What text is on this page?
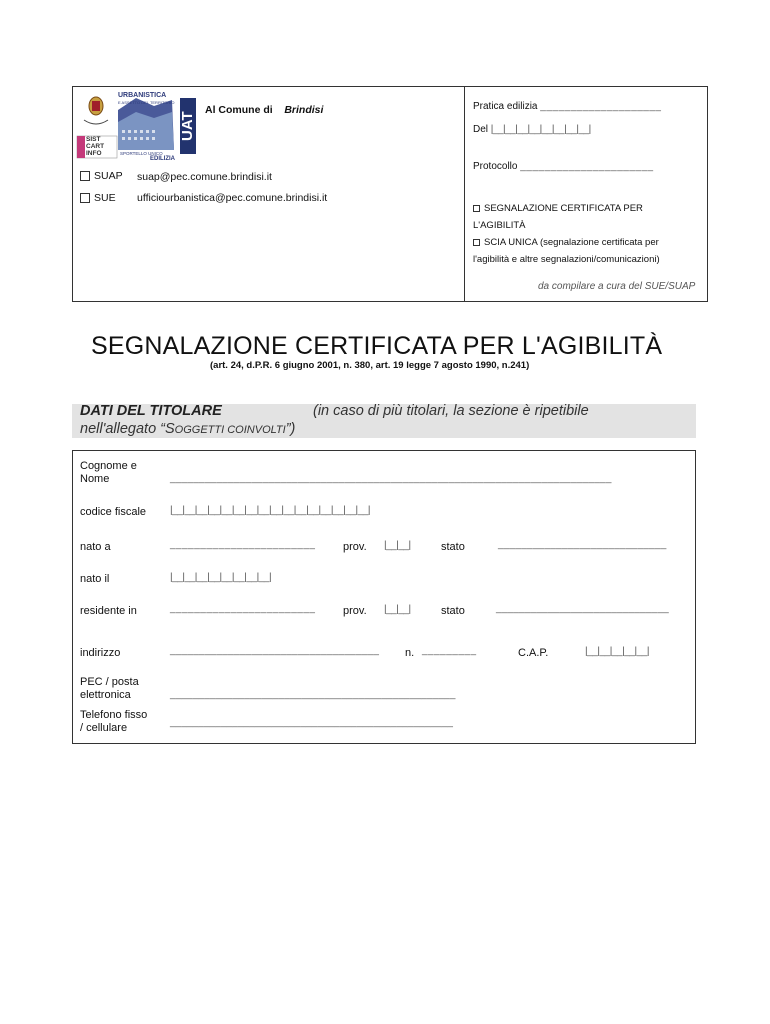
URBANISTICA
E ASSETTO DEL TERRITORIO
UAT
SIST
CART
INFO	SPORTELLO UNICO
EDILIZIA
Al Comune di Brindisi
SUAP suap@pec.comune.brindisi.it
SUE ufficiourbanistica@pec.comune.brindisi.it
Pratica edilizia ____________________
Del |__|__|__|__|__|__|__|__|
Protocollo ______________________
SEGNALAZIONE CERTIFICATA PER
L'AGIBILITÀ
SCIA UNICA (segnalazione certificata per
l'agibilità e altre segnalazioni/comunicazioni)
da compilare a cura del SUE/SUAP
SEGNALAZIONE CERTIFICATA PER L'AGIBILITÀ
(art. 24, d.P.R. 6 giugno 2001, n. 380, art. 19 legge 7 agosto 1990, n.241)
DATI DEL TITOLARE	(in caso di più titolari, la sezione è ripetibile
nell'allegato “SOGGETTI COINVOLTI”)
Cognome e
Nome	____________________________________________________________________________
codice fiscale |__|__|__|__|__|__|__|__|__|__|__|__|__|__|__|__|
nato a	________________________	prov. |__|__|	stato	_____________________________
nato il	|__|__|__|__|__|__|__|__|
residente in	________________________	prov. |__|__|	stato	______________________________
indirizzo	____________________________________ n. _________	C.A.P.	|__|__|__|__|__|
PEC / posta
elettronica	__________________________________________________
Telefono fisso
/ cellulare	__________________________________________________
